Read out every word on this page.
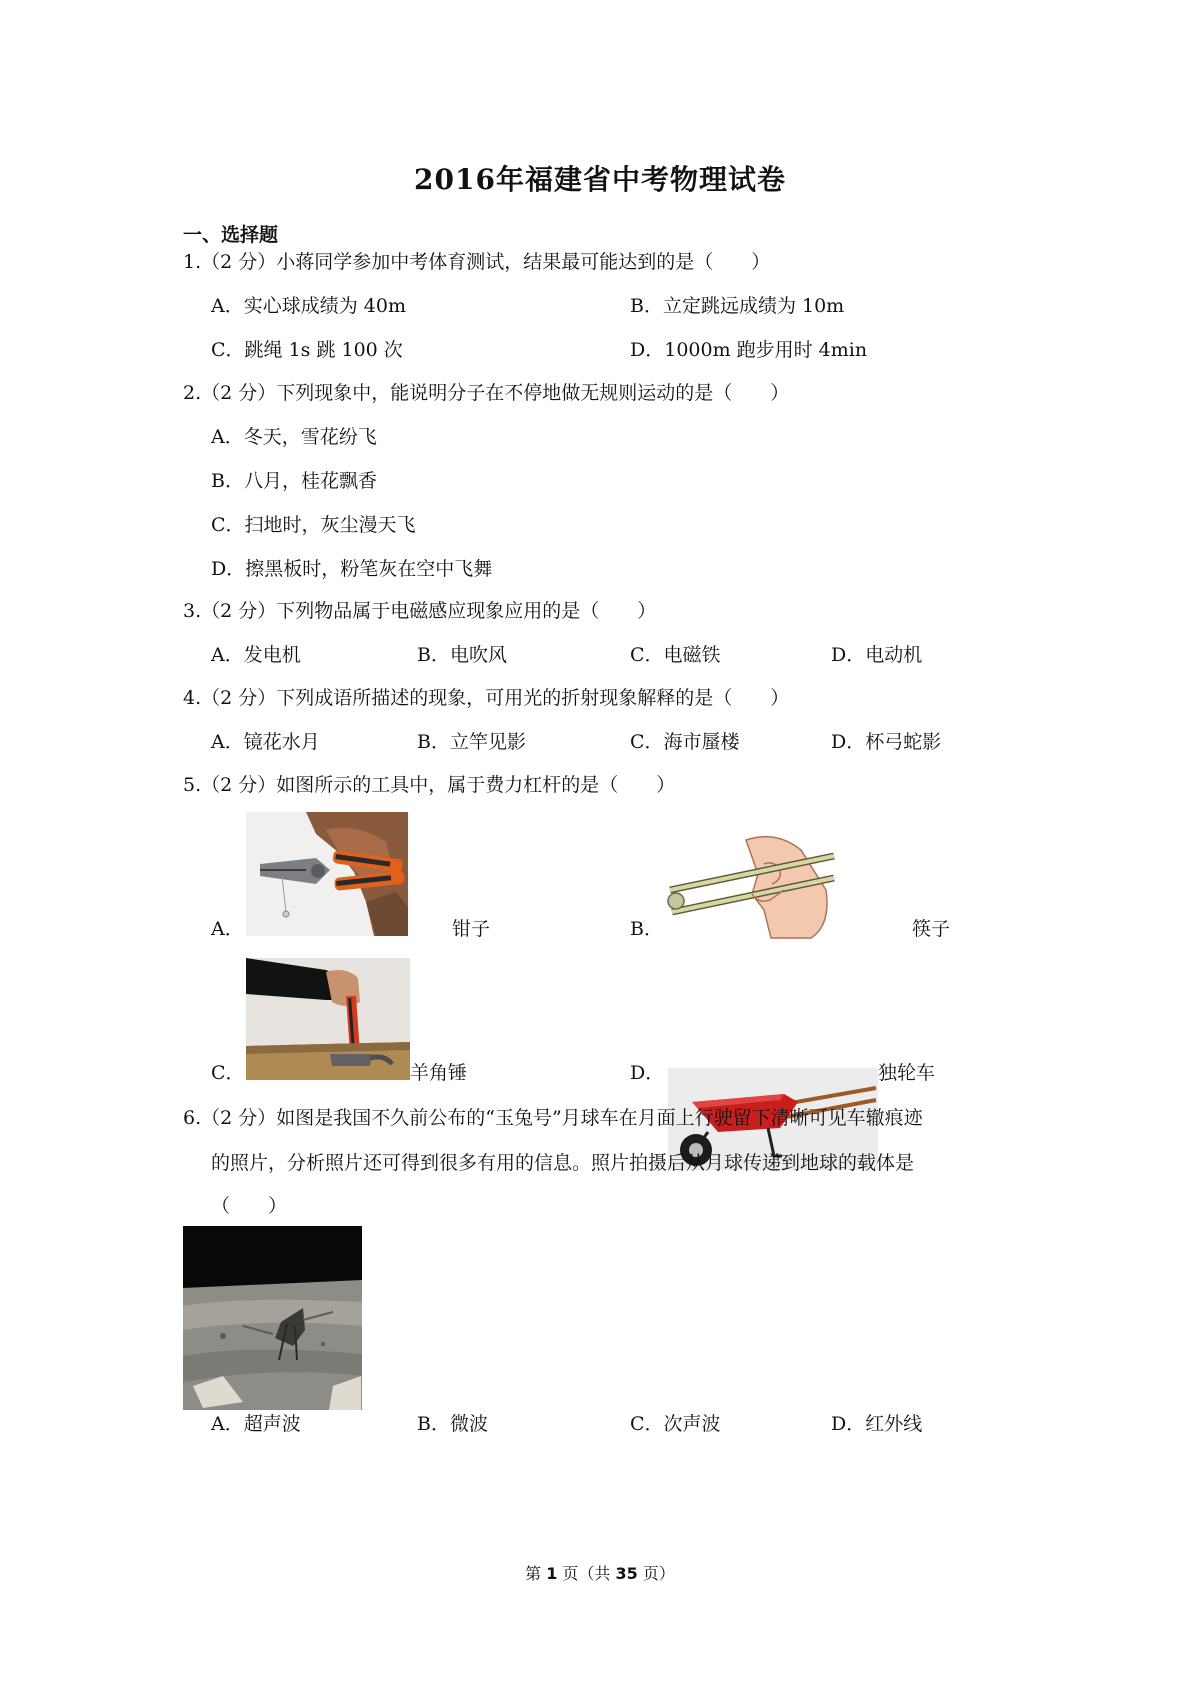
2016年福建省中考物理试卷
一、选择题
1.（2 分）小蒋同学参加中考体育测试，结果最可能达到的是（　　）
A．实心球成绩为 40m	B．立定跳远成绩为 10m
C．跳绳 1s 跳 100 次	D．1000m 跑步用时 4min
2.（2 分）下列现象中，能说明分子在不停地做无规则运动的是（　　）
A．冬天，雪花纷飞
B．八月，桂花飘香
C．扫地时，灰尘漫天飞
D．擦黑板时，粉笔灰在空中飞舞
3.（2 分）下列物品属于电磁感应现象应用的是（　　）
A．发电机	B．电吹风	C．电磁铁	D．电动机
4.（2 分）下列成语所描述的现象，可用光的折射现象解释的是（　　）
A．镜花水月	B．立竿见影	C．海市蜃楼	D．杯弓蛇影
5.（2 分）如图所示的工具中，属于费力杠杆的是（　　）
A．	钳子	B．	筷子
C．	羊角锤	D．	独轮车
6.（2 分）如图是我国不久前公布的“玉兔号”月球车在月面上行驶留下清晰可见车辙痕迹
的照片，分析照片还可得到很多有用的信息。照片拍摄后从月球传递到地球的载体是
（　　）
A．超声波	B．微波	C．次声波	D．红外线
第 1 页（共 35 页）
